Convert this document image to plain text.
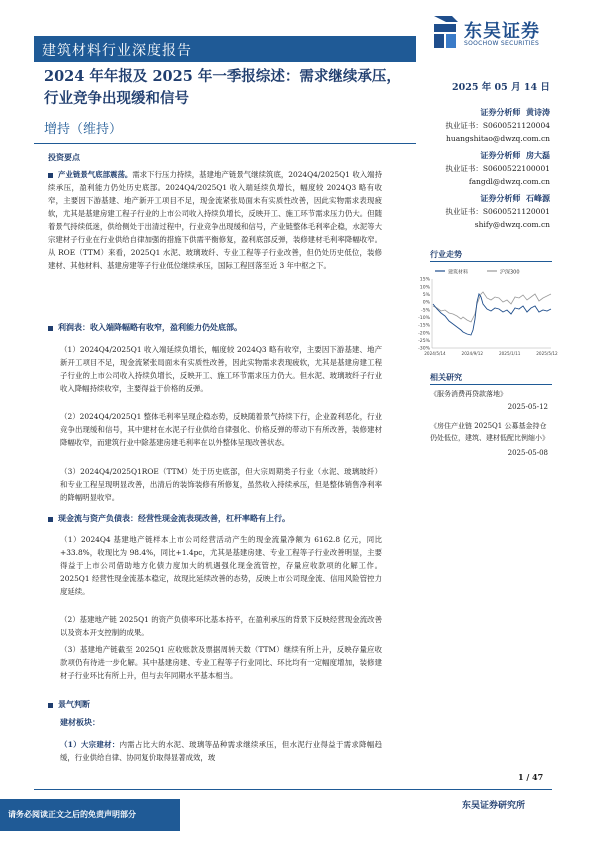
建筑材料行业深度报告
东吴证券
SOOCHOW SECURITIES
2024 年年报及 2025 年一季报综述：需求继续承压，行业竞争出现缓和信号
增持（维持）
2025 年 05 月 14 日
证券分析师 黄诗涛
执业证书：S0600521120004
huangshitao@dwzq.com.cn
证券分析师 房大磊
执业证书：S0600522100001
fangdl@dwzq.com.cn
证券分析师 石峰源
执业证书：S0600521120001
shify@dwzq.com.cn
行业走势
建筑材料	沪深300
15%
10%
5%
0%
-5%
-10%
-15%
-20%
-25%
-30%
2024/5/14	2024/9/12	2025/1/11	2025/5/12
相关研究
《服务消费再贷款落地》
2025-05-12
《房住产业链 2025Q1 公募基金持仓仍处低位，建筑、建材低配比例缩小》
2025-05-08
投资要点
产业链景气底部震荡。需求下行压力持续，基建地产链景气继续筑底，2024Q4/2025Q1 收入端持续承压，盈利能力仍处历史底部。2024Q4/2025Q1 收入端延续负增长，幅度较 2024Q3 略有收窄，主要因下游基建、地产新开工项目不足，现金流紧张局面未有实质性改善，因此实物需求表现疲软，尤其是基建房建工程子行业的上市公司收入持续负增长，反映开工、施工环节需求压力仍大。但随着景气持续低迷，供给侧处于出清过程中，行业竞争出现缓和信号，产业链整体毛利率企稳，水泥等大宗建材子行业在行业供给自律加强的措施下供需平衡修复，盈利底部反弹，装修建材毛利率降幅收窄。从 ROE（TTM）来看，2025Q1 水泥、玻璃玻纤、专业工程等子行业改善，但仍处历史低位，装修建材、其他材料、基建房建等子行业低位继续承压，国际工程回落至近 3 年中枢之下。
利润表：收入端降幅略有收窄，盈利能力仍处底部。
（1）2024Q4/2025Q1 收入端延续负增长，幅度较 2024Q3 略有收窄，主要因下游基建、地产新开工项目不足，现金流紧张局面未有实质性改善，因此实物需求表现疲软，尤其是基建房建工程子行业的上市公司收入持续负增长，反映开工、施工环节需求压力仍大。但水泥、玻璃玻纤子行业收入降幅持续收窄，主要得益于价格的反弹。
（2）2024Q4/2025Q1 整体毛利率呈现企稳态势，反映随着景气持续下行，企业盈利恶化，行业竞争出现缓和信号，其中建材在水泥子行业供给自律强化、价格反弹的带动下有所改善，装修建材降幅收窄，而建筑行业中除基建房建毛利率在以外整体呈现改善状态。
（3）2024Q4/2025Q1ROE（TTM）处于历史底部，但大宗周期类子行业（水泥、玻璃玻纤）和专业工程呈现明显改善，出清后的装饰装修有所修复，虽然收入持续承压，但是整体销售净利率的降幅明显收窄。
现金流与资产负债表：经营性现金流表现改善，杠杆率略有上行。
（1）2024Q4 基建地产链样本上市公司经营活动产生的现金流量净额为 6162.8 亿元，同比+33.8%，收现比为 98.4%，同比+1.4pc，尤其是基建房建、专业工程等子行业改善明显，主要得益于上市公司借助地方化债力度加大的机遇强化现金流管控，存量应收款项的化解工作。2025Q1 经营性现金流基本稳定，故现比延续改善的态势，反映上市公司现金流、信用风险管控力度延续。
（2）基建地产链 2025Q1 的资产负债率环比基本持平，在盈利承压的背景下反映经营现金流改善以及资本开支控制的成果。
（3）基建地产链截至 2025Q1 应收账款及票据周转天数（TTM）继续有所上升，反映存量应收款项仍有待进一步化解。其中基建房建、专业工程等子行业同比、环比均有一定幅度增加，装修建材子行业环比有所上升，但与去年同期水平基本相当。
景气判断
建材板块：
（1）大宗建材：内需占比大的水泥、玻璃等品种需求继续承压，但水泥行业得益于需求降幅趋缓，行业供给自律、协同复价取得显著成效，玻
1 / 47
请务必阅读正文之后的免责声明部分
东吴证券研究所
